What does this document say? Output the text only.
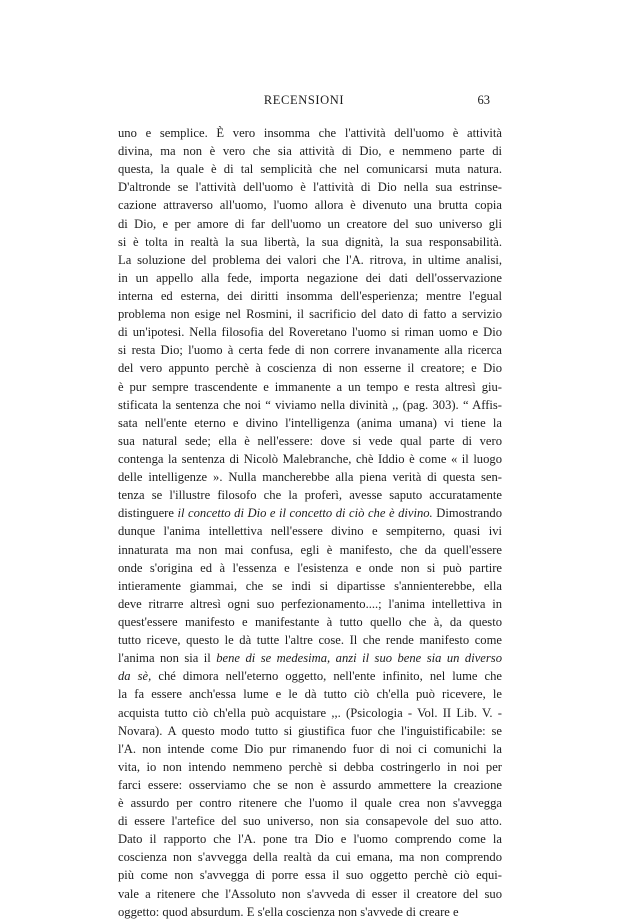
RECENSIONI	63
uno e semplice. È vero insomma che l'attività dell'uomo è attività
divina, ma non è vero che sia attività di Dio, e nemmeno parte di
questa, la quale è di tal semplicità che nel comunicarsi muta natura.
D'altronde se l'attività dell'uomo è l'attività di Dio nella sua estrinse-
cazione attraverso all'uomo, l'uomo allora è divenuto una brutta copia
di Dio, e per amore di far dell'uomo un creatore del suo universo gli
si è tolta in realtà la sua libertà, la sua dignità, la sua responsabilità.
La soluzione del problema dei valori che l'A. ritrova, in ultime analisi,
in un appello alla fede, importa negazione dei dati dell'osservazione
interna ed esterna, dei diritti insomma dell'esperienza; mentre l'egual
problema non esige nel Rosmini, il sacrificio del dato di fatto a servizio
di un'ipotesi. Nella filosofia del Roveretano l'uomo si riman uomo e Dio
si resta Dio; l'uomo à certa fede di non correre invanamente alla ricerca
del vero appunto perchè à coscienza di non esserne il creatore; e Dio
è pur sempre trascendente e immanente a un tempo e resta altresì giu-
stificata la sentenza che noi “ viviamo nella divinità ,, (pag. 303). “ Affis-
sata nell'ente eterno e divino l'intelligenza (anima umana) vi tiene la
sua natural sede; ella è nell'essere: dove si vede qual parte di vero
contenga la sentenza di Nicolò Malebranche, chè Iddio è come « il luogo
delle intelligenze ». Nulla mancherebbe alla piena verità di questa sen-
tenza se l'illustre filosofo che la proferì, avesse saputo accuratamente
distinguere il concetto di Dio e il concetto di ciò che è divino. Dimostrando
dunque l'anima intellettiva nell'essere divino e sempiterno, quasi ivi
innaturata ma non mai confusa, egli è manifesto, che da quell'essere
onde s'origina ed à l'essenza e l'esistenza e onde non si può partire
intieramente giammai, che se indi si dipartisse s'annienterebbe, ella
deve ritrarre altresì ogni suo perfezionamento....; l'anima intellettiva in
quest'essere manifesto e manifestante à tutto quello che à, da questo
tutto riceve, questo le dà tutte l'altre cose. Il che rende manifesto come
l'anima non sia il bene di se medesima, anzi il suo bene sia un diverso
da sè, ché dimora nell'eterno oggetto, nell'ente infinito, nel lume che
la fa essere anch'essa lume e le dà tutto ciò ch'ella può ricevere, le
acquista tutto ciò ch'ella può acquistare ,,. (Psicologia - Vol. II Lib. V. -
Novara). A questo modo tutto si giustifica fuor che l'inguistificabile: se
l'A. non intende come Dio pur rimanendo fuor di noi ci comunichi la
vita, io non intendo nemmeno perchè si debba costringerlo in noi per
farci essere: osserviamo che se non è assurdo ammettere la creazione
è assurdo per contro ritenere che l'uomo il quale crea non s'avvegga
di essere l'artefice del suo universo, non sia consapevole del suo atto.
Dato il rapporto che l'A. pone tra Dio e l'uomo comprendo come la
coscienza non s'avvegga della realtà da cui emana, ma non comprendo
più come non s'avvegga di porre essa il suo oggetto perchè ciò equi-
vale a ritenere che l'Assoluto non s'avveda di esser il creatore del suo
oggetto: quod absurdum. E s'ella coscienza non s'avvede di creare e
